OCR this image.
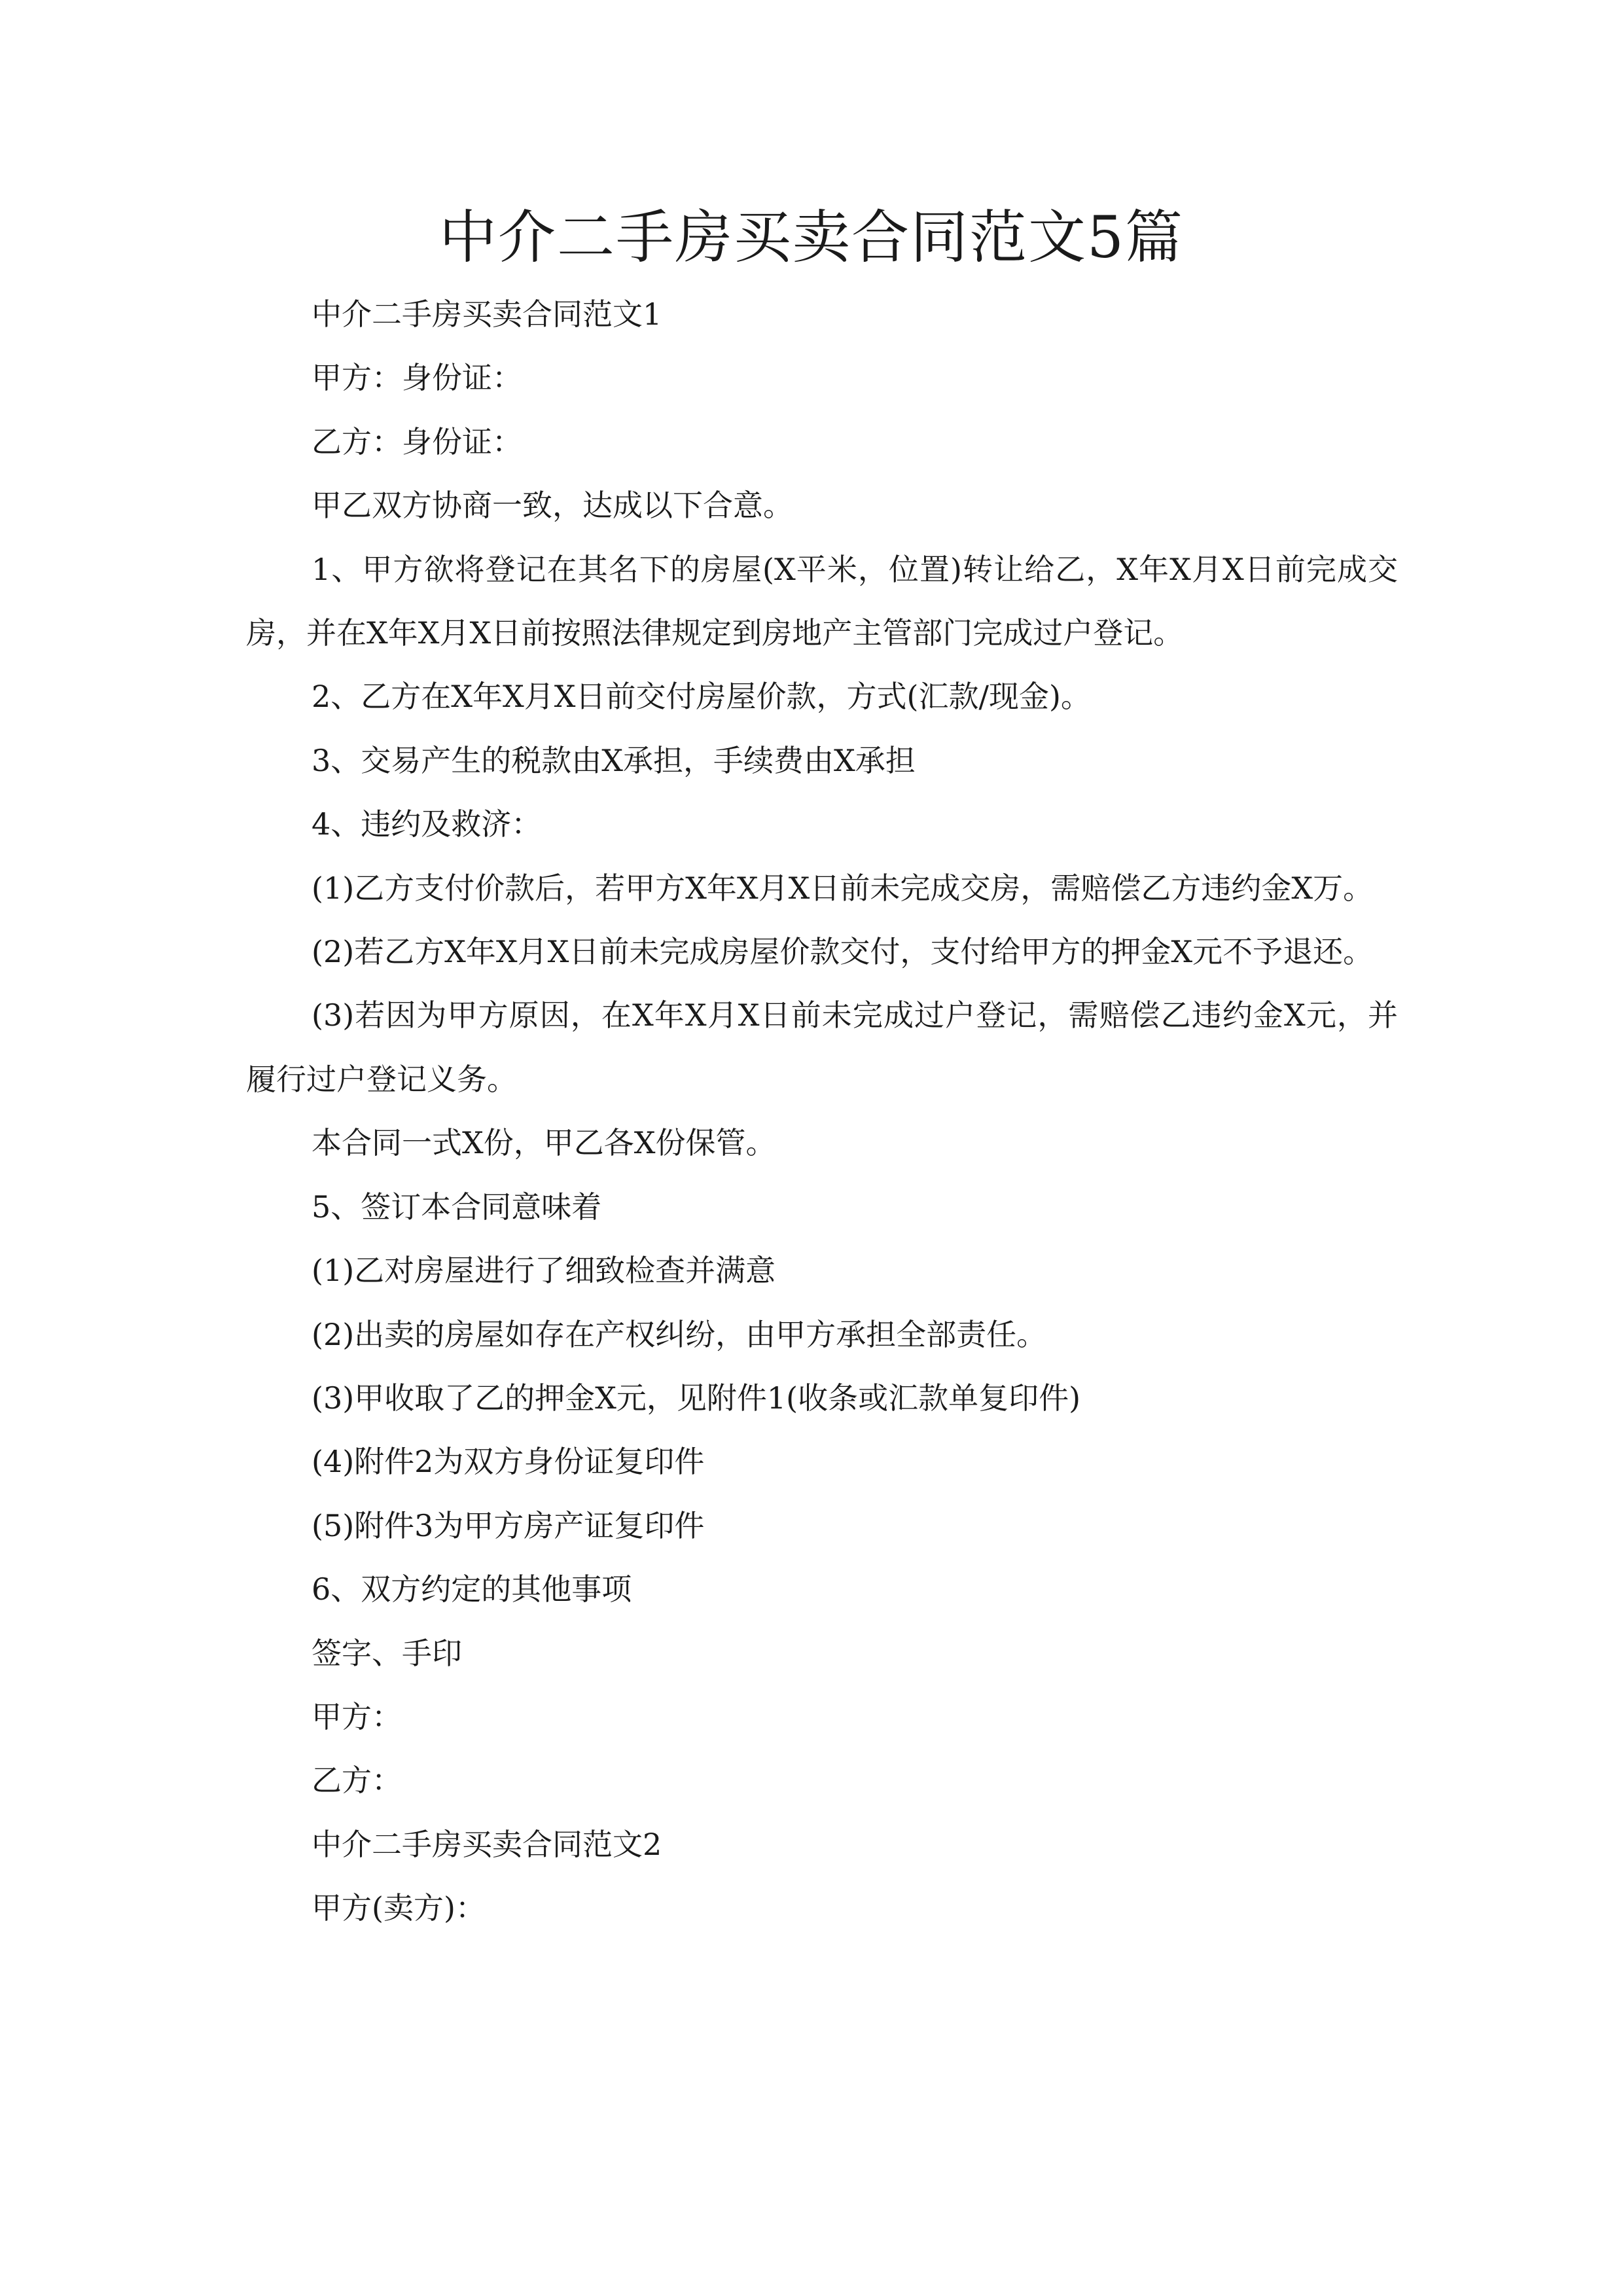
中介二手房买卖合同范文5篇

中介二手房买卖合同范文1

甲方：身份证：

乙方：身份证：

甲乙双方协商一致，达成以下合意。

1、甲方欲将登记在其名下的房屋(X平米，位置)转让给乙，X年X月X日前完成交房，并在X年X月X日前按照法律规定到房地产主管部门完成过户登记。

2、乙方在X年X月X日前交付房屋价款，方式(汇款/现金)。

3、交易产生的税款由X承担，手续费由X承担

4、违约及救济：

(1)乙方支付价款后，若甲方X年X月X日前未完成交房，需赔偿乙方违约金X万。

(2)若乙方X年X月X日前未完成房屋价款交付，支付给甲方的押金X元不予退还。

(3)若因为甲方原因，在X年X月X日前未完成过户登记，需赔偿乙违约金X元，并履行过户登记义务。

本合同一式X份，甲乙各X份保管。

5、签订本合同意味着

(1)乙对房屋进行了细致检查并满意

(2)出卖的房屋如存在产权纠纷，由甲方承担全部责任。

(3)甲收取了乙的押金X元，见附件1(收条或汇款单复印件)

(4)附件2为双方身份证复印件

(5)附件3为甲方房产证复印件

6、双方约定的其他事项

签字、手印

甲方：

乙方：

中介二手房买卖合同范文2

甲方(卖方)：
